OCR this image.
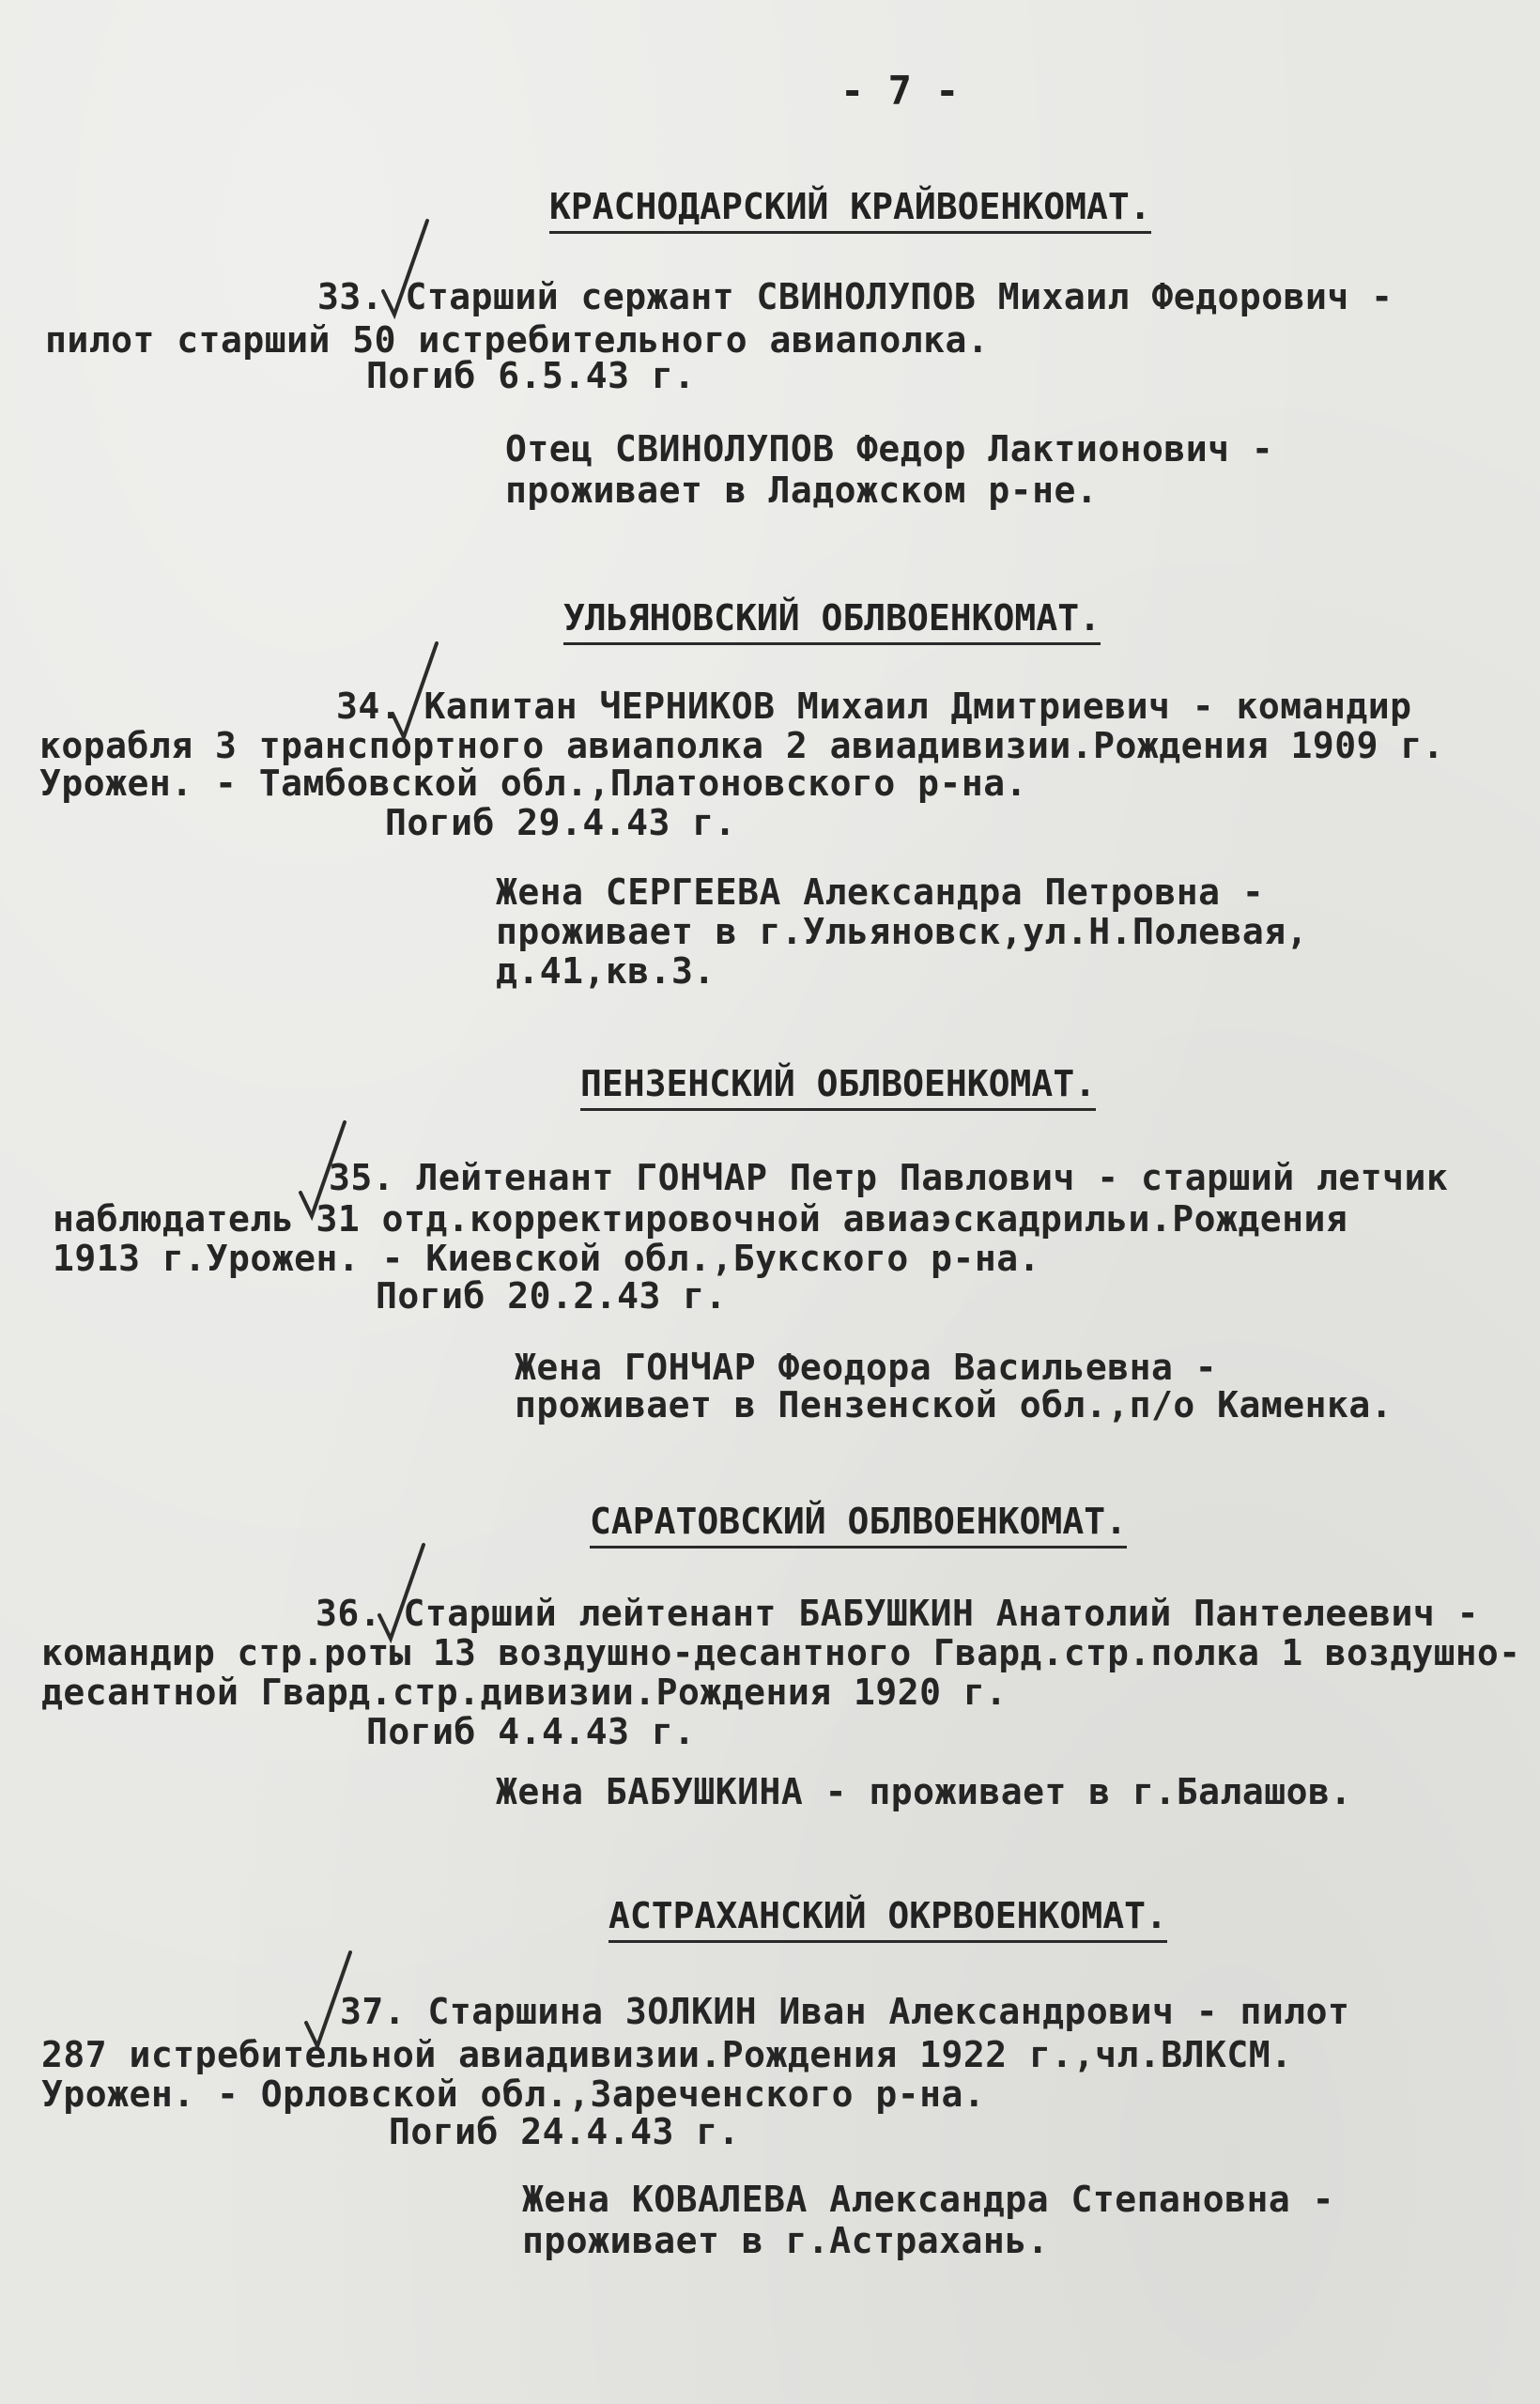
- 7 -
КРАСНОДАРСКИЙ КРАЙВОЕНКОМАТ.
33. Старший сержант СВИНОЛУПОВ Михаил Федорович -
пилот старший 50 истребительного авиаполка.
Погиб 6.5.43 г.
Отец СВИНОЛУПОВ Федор Лактионович -
проживает в Ладожском р-не.
УЛЬЯНОВСКИЙ ОБЛВОЕНКОМАТ.
34. Капитан ЧЕРНИКОВ Михаил Дмитриевич - командир
корабля 3 транспортного авиаполка 2 авиадивизии.Рождения 1909 г.
Урожен. - Тамбовской обл.,Платоновского р-на.
Погиб 29.4.43 г.
Жена СЕРГЕЕВА Александра Петровна -
проживает в г.Ульяновск,ул.Н.Полевая,
д.41,кв.3.
ПЕНЗЕНСКИЙ ОБЛВОЕНКОМАТ.
35. Лейтенант ГОНЧАР Петр Павлович - старший летчик
наблюдатель 31 отд.корректировочной авиаэскадрильи.Рождения
1913 г.Урожен. - Киевской обл.,Букского р-на.
Погиб 20.2.43 г.
Жена ГОНЧАР Феодора Васильевна -
проживает в Пензенской обл.,п/о Каменка.
САРАТОВСКИЙ ОБЛВОЕНКОМАТ.
36. Старший лейтенант БАБУШКИН Анатолий Пантелеевич -
командир стр.роты 13 воздушно-десантного Гвард.стр.полка 1 воздушно-
десантной Гвард.стр.дивизии.Рождения 1920 г.
Погиб 4.4.43 г.
Жена БАБУШКИНА - проживает в г.Балашов.
АСТРАХАНСКИЙ ОКРВОЕНКОМАТ.
37. Старшина ЗОЛКИН Иван Александрович - пилот
287 истребительной авиадивизии.Рождения 1922 г.,чл.ВЛКСМ.
Урожен. - Орловской обл.,Зареченского р-на.
Погиб 24.4.43 г.
Жена КОВАЛЕВА Александра Степановна -
проживает в г.Астрахань.
